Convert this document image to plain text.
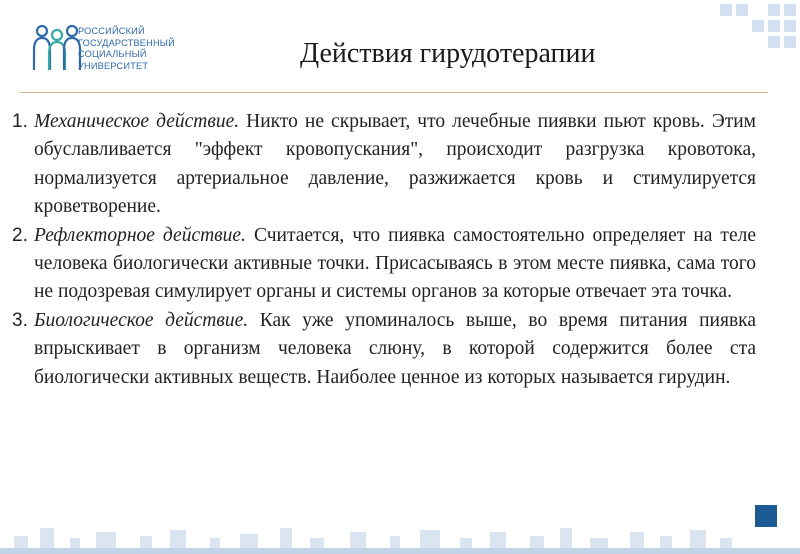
РОССИЙСКИЙ
ГОСУДАРСТВЕННЫЙ
СОЦИАЛЬНЫЙ
УНИВЕРСИТЕТ	Действия гирудотерапии
1. Механическое действие. Никто не скрывает, что лечебные пиявки пьют кровь. Этим обуславливается "эффект кровопускания", происходит разгрузка кровотока, нормализуется артериальное давление, разжижается кровь и стимулируется кроветворение.
2. Рефлекторное действие. Считается, что пиявка самостоятельно определяет на теле человека биологически активные точки. Присасываясь в этом месте пиявка, сама того не подозревая симулирует органы и системы органов за которые отвечает эта точка.
3. Биологическое действие. Как уже упоминалось выше, во время питания пиявка впрыскивает в организм человека слюну, в которой содержится более ста биологически активных веществ. Наиболее ценное из которых называется гирудин.
